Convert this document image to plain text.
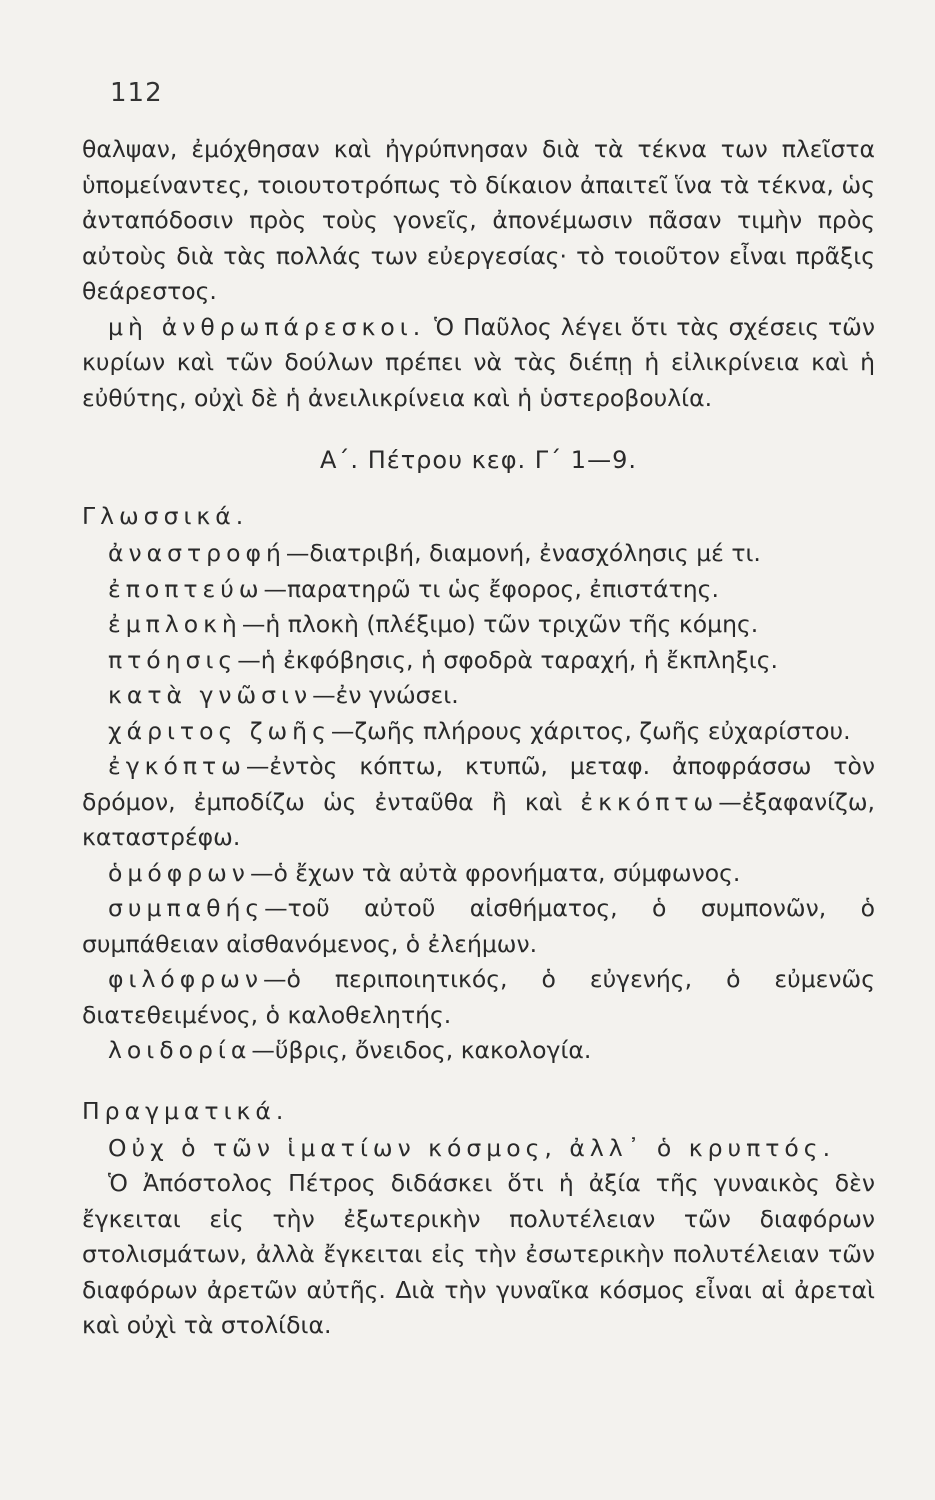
112

θαλψαν, ἐμόχθησαν καὶ ἠγρύπνησαν διὰ τὰ τέκνα των πλεῖστα ὑπομείναντες, τοιουτοτρόπως τὸ δίκαιον ἀπαιτεῖ ἵνα τὰ τέκνα, ὡς ἀνταπόδοσιν πρὸς τοὺς γονεῖς, ἀπονέμωσιν πᾶσαν τιμὴν πρὸς αὐτοὺς διὰ τὰς πολλάς των εὐεργεσίας· τὸ τοιοῦτον εἶναι πρᾶξις θεάρεστος.

μὴ ἀνθρωπάρεσκοι. Ὁ Παῦλος λέγει ὅτι τὰς σχέσεις τῶν κυρίων καὶ τῶν δούλων πρέπει νὰ τὰς διέπῃ ἡ εἰλικρίνεια καὶ ἡ εὐθύτης, οὐχὶ δὲ ἡ ἀνειλικρίνεια καὶ ἡ ὑστεροβουλία.

Α΄. Πέτρου κεφ. Γ΄ 1—9.
Γλωσσικά.

ἀναστροφή—διατριβή, διαμονή, ἐνασχόλησις μέ τι.

ἐποπτεύω—παρατηρῶ τι ὡς ἔφορος, ἐπιστάτης.

ἐμπλοκὴ—ἡ πλοκὴ (πλέξιμο) τῶν τριχῶν τῆς κόμης.

πτόησις—ἡ ἐκφόβησις, ἡ σφοδρὰ ταραχή, ἡ ἔκπληξις.

κατὰ γνῶσιν—ἐν γνώσει.

χάριτος ζωῆς—ζωῆς πλήρους χάριτος, ζωῆς εὐχαρίστου.

ἐγκόπτω—ἐντὸς κόπτω, κτυπῶ, μεταφ. ἀποφράσσω τὸν δρόμον, ἐμποδίζω ὡς ἐνταῦθα ἢ καὶ ἐκκόπτω—ἐξαφανίζω, καταστρέφω.

ὁμόφρων—ὁ ἔχων τὰ αὐτὰ φρονήματα, σύμφωνος.

συμπαθής—τοῦ αὐτοῦ αἰσθήματος, ὁ συμπονῶν, ὁ συμπάθειαν αἰσθανόμενος, ὁ ἐλεήμων.

φιλόφρων—ὁ περιποιητικός, ὁ εὐγενής, ὁ εὐμενῶς διατεθειμένος, ὁ καλοθελητής.

λοιδορία—ὕβρις, ὄνειδος, κακολογία.

Πραγματικά.

Οὐχ ὁ τῶν ἱματίων κόσμος, ἀλλ᾽ ὁ κρυπτός.

Ὁ Ἀπόστολος Πέτρος διδάσκει ὅτι ἡ ἀξία τῆς γυναικὸς δὲν ἔγκειται εἰς τὴν ἐξωτερικὴν πολυτέλειαν τῶν διαφόρων στολισμάτων, ἀλλὰ ἔγκειται εἰς τὴν ἐσωτερικὴν πολυτέλειαν τῶν διαφόρων ἀρετῶν αὐτῆς. Διὰ τὴν γυναῖκα κόσμος εἶναι αἱ ἀρεταὶ καὶ οὐχὶ τὰ στολίδια.
